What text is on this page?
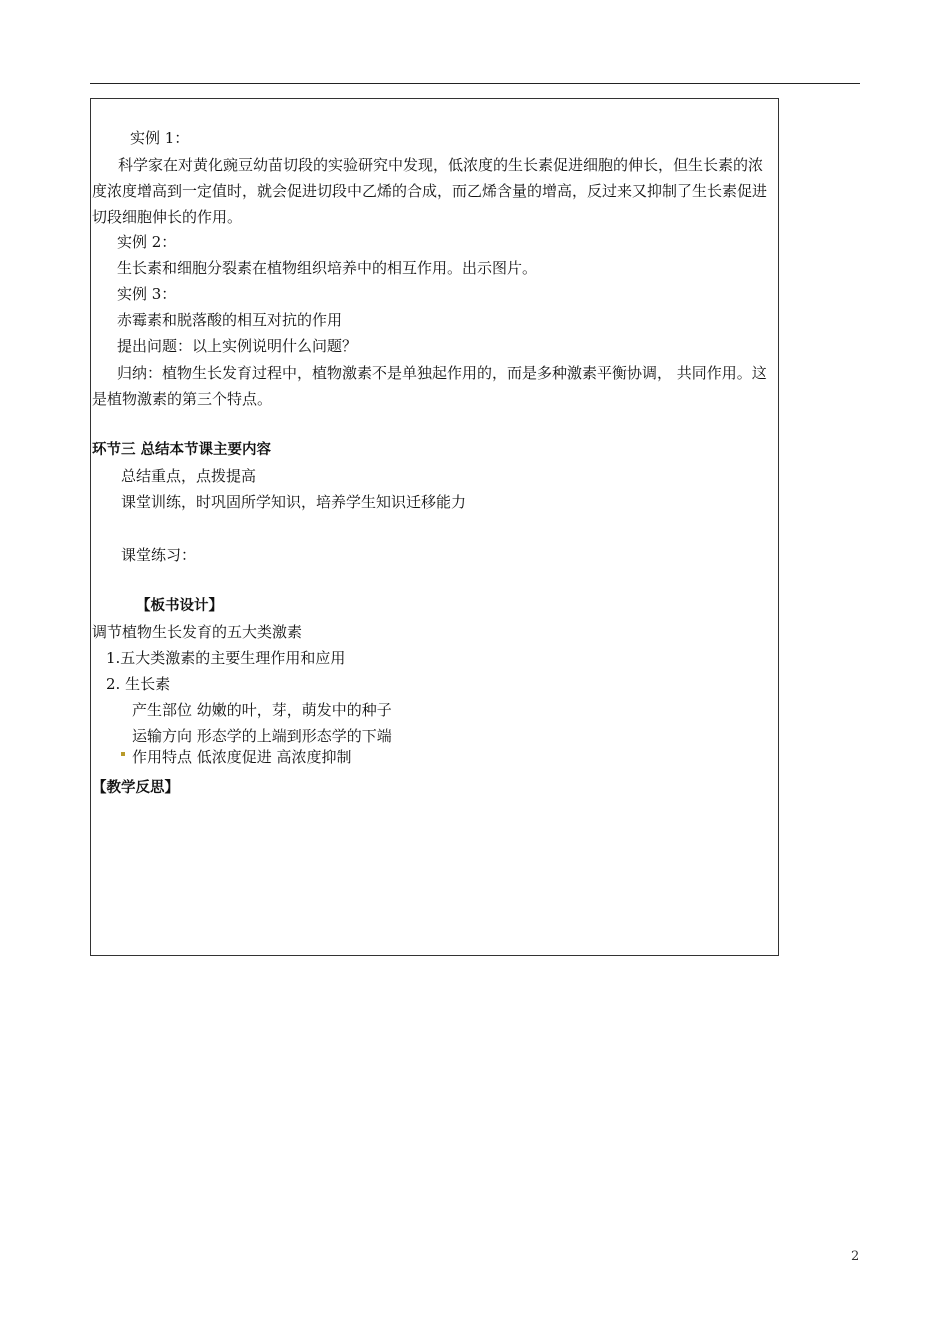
实例 1：
科学家在对黄化豌豆幼苗切段的实验研究中发现，低浓度的生长素促进细胞的伸长，但生长素的浓度浓度增高到一定值时，就会促进切段中乙烯的合成，而乙烯含量的增高，反过来又抑制了生长素促进切段细胞伸长的作用。
实例 2：
生长素和细胞分裂素在植物组织培养中的相互作用。出示图片。
实例 3：
赤霉素和脱落酸的相互对抗的作用
提出问题：以上实例说明什么问题？
归纳：植物生长发育过程中，植物激素不是单独起作用的，而是多种激素平衡协调， 共同作用。这是植物激素的第三个特点。
环节三 总结本节课主要内容
总结重点，点拨提高
课堂训练，时巩固所学知识，培养学生知识迁移能力
课堂练习：
【板书设计】
调节植物生长发育的五大类激素
1.五大类激素的主要生理作用和应用
2. 生长素
产生部位 幼嫩的叶，芽，萌发中的种子
运输方向 形态学的上端到形态学的下端
作用特点 低浓度促进 高浓度抑制
【教学反思】
2
